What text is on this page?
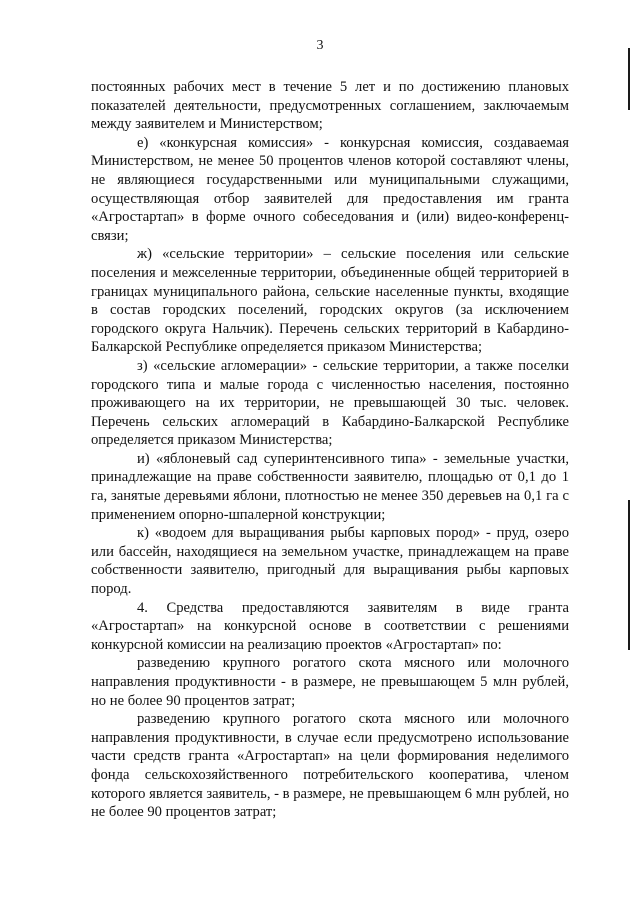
3

постоянных рабочих мест в течение 5 лет и по достижению плановых показателей деятельности, предусмотренных соглашением, заключаемым между заявителем и Министерством;

е) «конкурсная комиссия» - конкурсная комиссия, создаваемая Министерством, не менее 50 процентов членов которой составляют члены, не являющиеся государственными или муниципальными служащими, осуществляющая отбор заявителей для предоставления им гранта «Агростартап» в форме очного собеседования и (или) видео-конференц-связи;

ж) «сельские территории» – сельские поселения или сельские поселения и межселенные территории, объединенные общей территорией в границах муниципального района, сельские населенные пункты, входящие в состав городских поселений, городских округов (за исключением городского округа Нальчик). Перечень сельских территорий в Кабардино-Балкарской Республике определяется приказом Министерства;

з) «сельские агломерации» - сельские территории, а также поселки городского типа и малые города с численностью населения, постоянно проживающего на их территории, не превышающей 30 тыс. человек. Перечень сельских агломераций в Кабардино-Балкарской Республике определяется приказом Министерства;

и) «яблоневый сад суперинтенсивного типа» - земельные участки, принадлежащие на праве собственности заявителю, площадью от 0,1 до 1 га, занятые деревьями яблони, плотностью не менее 350 деревьев на 0,1 га с применением опорно-шпалерной конструкции;

к) «водоем для выращивания рыбы карповых пород» - пруд, озеро или бассейн, находящиеся на земельном участке, принадлежащем на праве собственности заявителю, пригодный для выращивания рыбы карповых пород.

4. Средства предоставляются заявителям в виде гранта «Агростартап» на конкурсной основе в соответствии с решениями конкурсной комиссии на реализацию проектов «Агростартап» по:

разведению крупного рогатого скота мясного или молочного направления продуктивности - в размере, не превышающем 5 млн рублей, но не более 90 процентов затрат;

разведению крупного рогатого скота мясного или молочного направления продуктивности, в случае если предусмотрено использование части средств гранта «Агростартап» на цели формирования неделимого фонда сельскохозяйственного потребительского кооператива, членом которого является заявитель, - в размере, не превышающем 6 млн рублей, но не более 90 процентов затрат;
